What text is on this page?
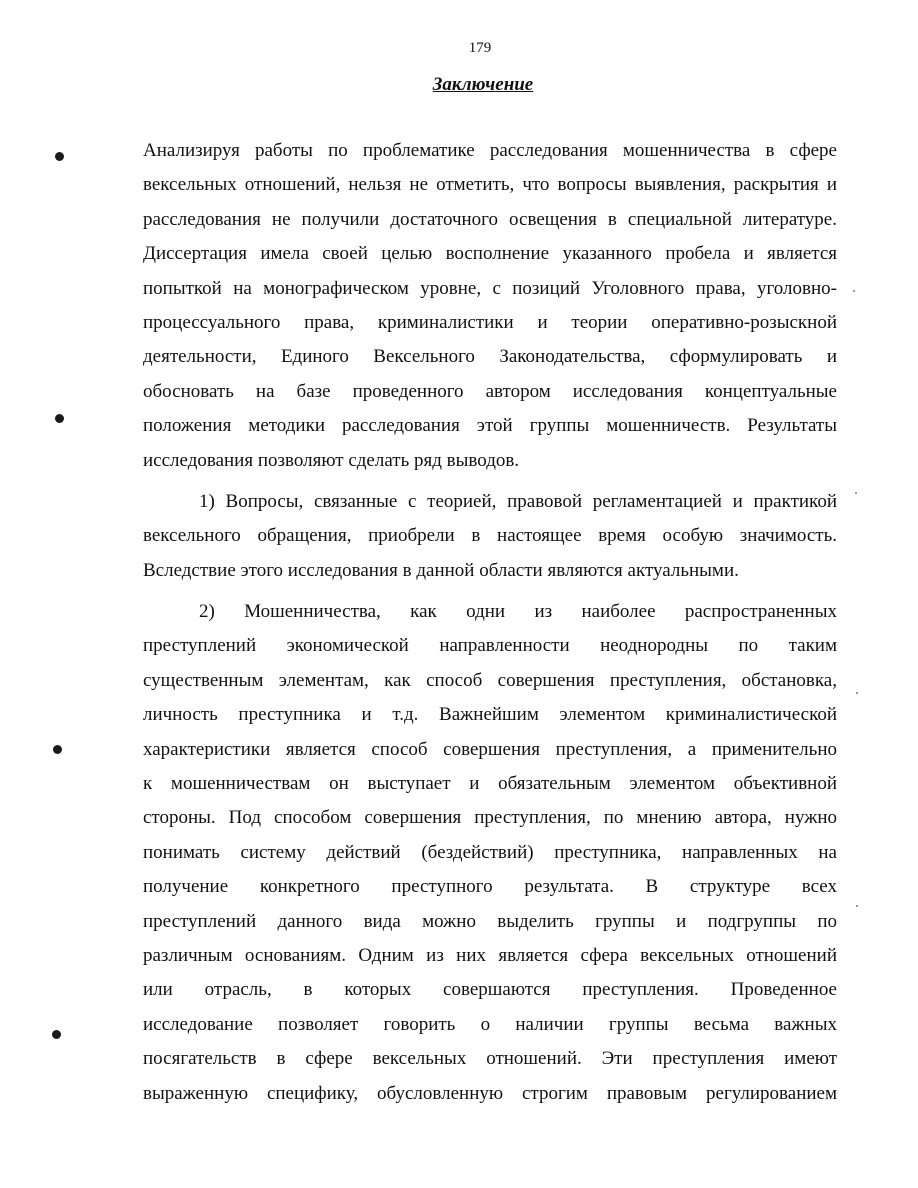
179
Заключение
Анализируя работы по проблематике расследования мошенничества в сфере
вексельных отношений, нельзя не отметить, что вопросы выявления, раскрытия и
расследования не получили достаточного освещения в специальной литературе.
Диссертация имела своей целью восполнение указанного пробела и является
попыткой на монографическом уровне, с позиций Уголовного права, уголовно-
процессуального права, криминалистики и теории оперативно-розыскной
деятельности, Единого Вексельного Законодательства, сформулировать и
обосновать на базе проведенного автором исследования концептуальные
положения методики расследования этой группы мошенничеств. Результаты
исследования позволяют сделать ряд выводов.
1) Вопросы, связанные с теорией, правовой регламентацией и практикой
вексельного обращения, приобрели в настоящее время особую значимость.
Вследствие этого исследования в данной области являются актуальными.
2) Мошенничества, как одни из наиболее распространенных
преступлений экономической направленности неоднородны по таким
существенным элементам, как способ совершения преступления, обстановка,
личность преступника и т.д. Важнейшим элементом криминалистической
характеристики является способ совершения преступления, а применительно
к мошенничествам он выступает и обязательным элементом объективной
стороны. Под способом совершения преступления, по мнению автора, нужно
понимать систему действий (бездействий) преступника, направленных на
получение конкретного преступного результата. В структуре всех
преступлений данного вида можно выделить группы и подгруппы по
различным основаниям. Одним из них является сфера вексельных отношений
или отрасль, в которых совершаются преступления. Проведенное
исследование позволяет говорить о наличии группы весьма важных
посягательств в сфере вексельных отношений. Эти преступления имеют
выраженную специфику, обусловленную строгим правовым регулированием
